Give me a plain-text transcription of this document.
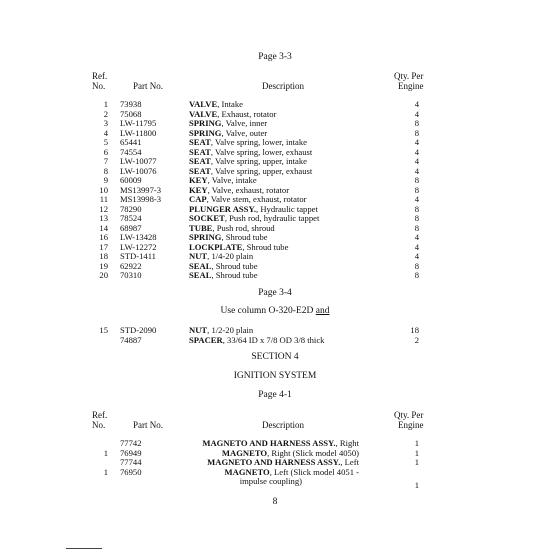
Page 3-3
Ref.
No.	Part No.	Description
Qty. Per
Engine
1 73938	VALVE, Intake	4
2 75068	VALVE, Exhaust, rotator	4
3 LW-11795	SPRING, Valve, inner	8
4 LW-11800	SPRING, Valve, outer	8
5 65441	SEAT, Valve spring, lower, intake	4
6 74554	SEAT, Valve spring, lower, exhaust	4
7 LW-10077	SEAT, Valve spring, upper, intake	4
8 LW-10076	SEAT, Valve spring, upper, exhaust	4
9 60009	KEY, Valve, intake	8
10 MS13997-3	KEY, Valve, exhaust, rotator	8
11 MS13998-3	CAP, Valve stem, exhaust, rotator	4
12 78290	PLUNGER ASSY., Hydraulic tappet	8
13 78524	SOCKET, Push rod, hydraulic tappet	8
14 68987	TUBE, Push rod, shroud	8
16 LW-13428	SPRING, Shroud tube	4
17 LW-12272	LOCKPLATE, Shroud tube	4
18 STD-1411	NUT, 1/4-20 plain	4
19 62922	SEAL, Shroud tube	8
20 70310	SEAL, Shroud tube	8
Page 3-4
Use column O-320-E2D and
15 STD-2090	NUT, 1/2-20 plain	18
74887	SPACER, 33/64 ID x 7/8 OD 3/8 thick	2
SECTION 4
IGNITION SYSTEM
Page 4-1
Ref.
No.	Part No.	Description
Qty. Per
Engine
77742	MAGNETO AND HARNESS ASSY., Right	1
1 76949	MAGNETO, Right (Slick model 4050)	1
77744	MAGNETO AND HARNESS ASSY., Left	1
1 76950	MAGNETO, Left (Slick model 4051 -
impulse coupling)	1
8
